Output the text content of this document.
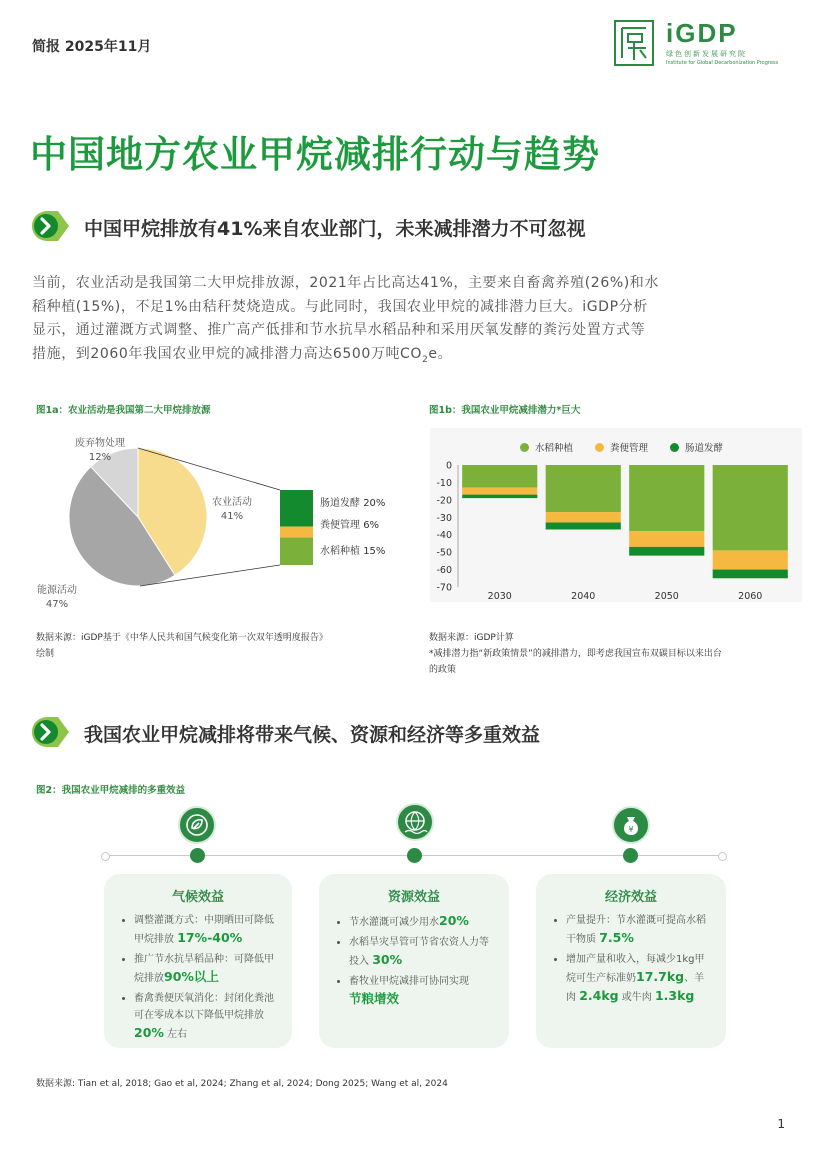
简报 2025年11月	iGDP
绿色创新发展研究院
Institute for Global Decarbonization Progress
中国地方农业甲烷减排行动与趋势
中国甲烷排放有41%来自农业部门，未来减排潜力不可忽视
当前，农业活动是我国第二大甲烷排放源，2021年占比高达41%，主要来自畜禽养殖(26%)和水
稻种植(15%)，不足1%由秸秆焚烧造成。与此同时，我国农业甲烷的减排潜力巨大。iGDP分析
显示，通过灌溉方式调整、推广高产低排和节水抗旱水稻品种和采用厌氧发酵的粪污处置方式等
措施，到2060年我国农业甲烷的减排潜力高达6500万吨$CO_2e$。
图1a：农业活动是我国第二大甲烷排放源
废弃物处理
12%
农业活动
41%
能源活动
47%
肠道发酵 20%
粪便管理 6%
水稻种植 15%
数据来源：iGDP基于《中华人民共和国气候变化第一次双年透明度报告》
绘制
图1b：我国农业甲烷减排潜力*巨大
水稻种植	粪便管理	肠道发酵
0
-10
-20
-30
-40
-50
-60
-70
2030	2040	2050	2060
数据来源：iGDP计算
*减排潜力指“新政策情景”的减排潜力，即考虑我国宣布双碳目标以来出台
的政策
我国农业甲烷减排将带来气候、资源和经济等多重效益
图2：我国农业甲烷减排的多重效益
¥
气候效益
• 调整灌溉方式：中期晒田可降低甲烷排放 17%-40%
• 推广节水抗旱稻品种：可降低甲烷排放90%以上
• 畜禽粪便厌氧消化：封闭化粪池可在零成本以下降低甲烷排放 20% 左右
资源效益
• 节水灌溉可减少用水20%
• 水稻旱灾旱管可节省农资人力等投入 30%
• 畜牧业甲烷减排可协同实现
节粮增效
经济效益
• 产量提升：节水灌溉可提高水稻干物质 7.5%
• 增加产量和收入，每减少1kg甲烷可生产标准奶17.7kg、羊肉 2.4kg 或牛肉 1.3kg
数据来源: Tian et al, 2018; Gao et al, 2024; Zhang et al, 2024; Dong 2025; Wang et al, 2024
1
